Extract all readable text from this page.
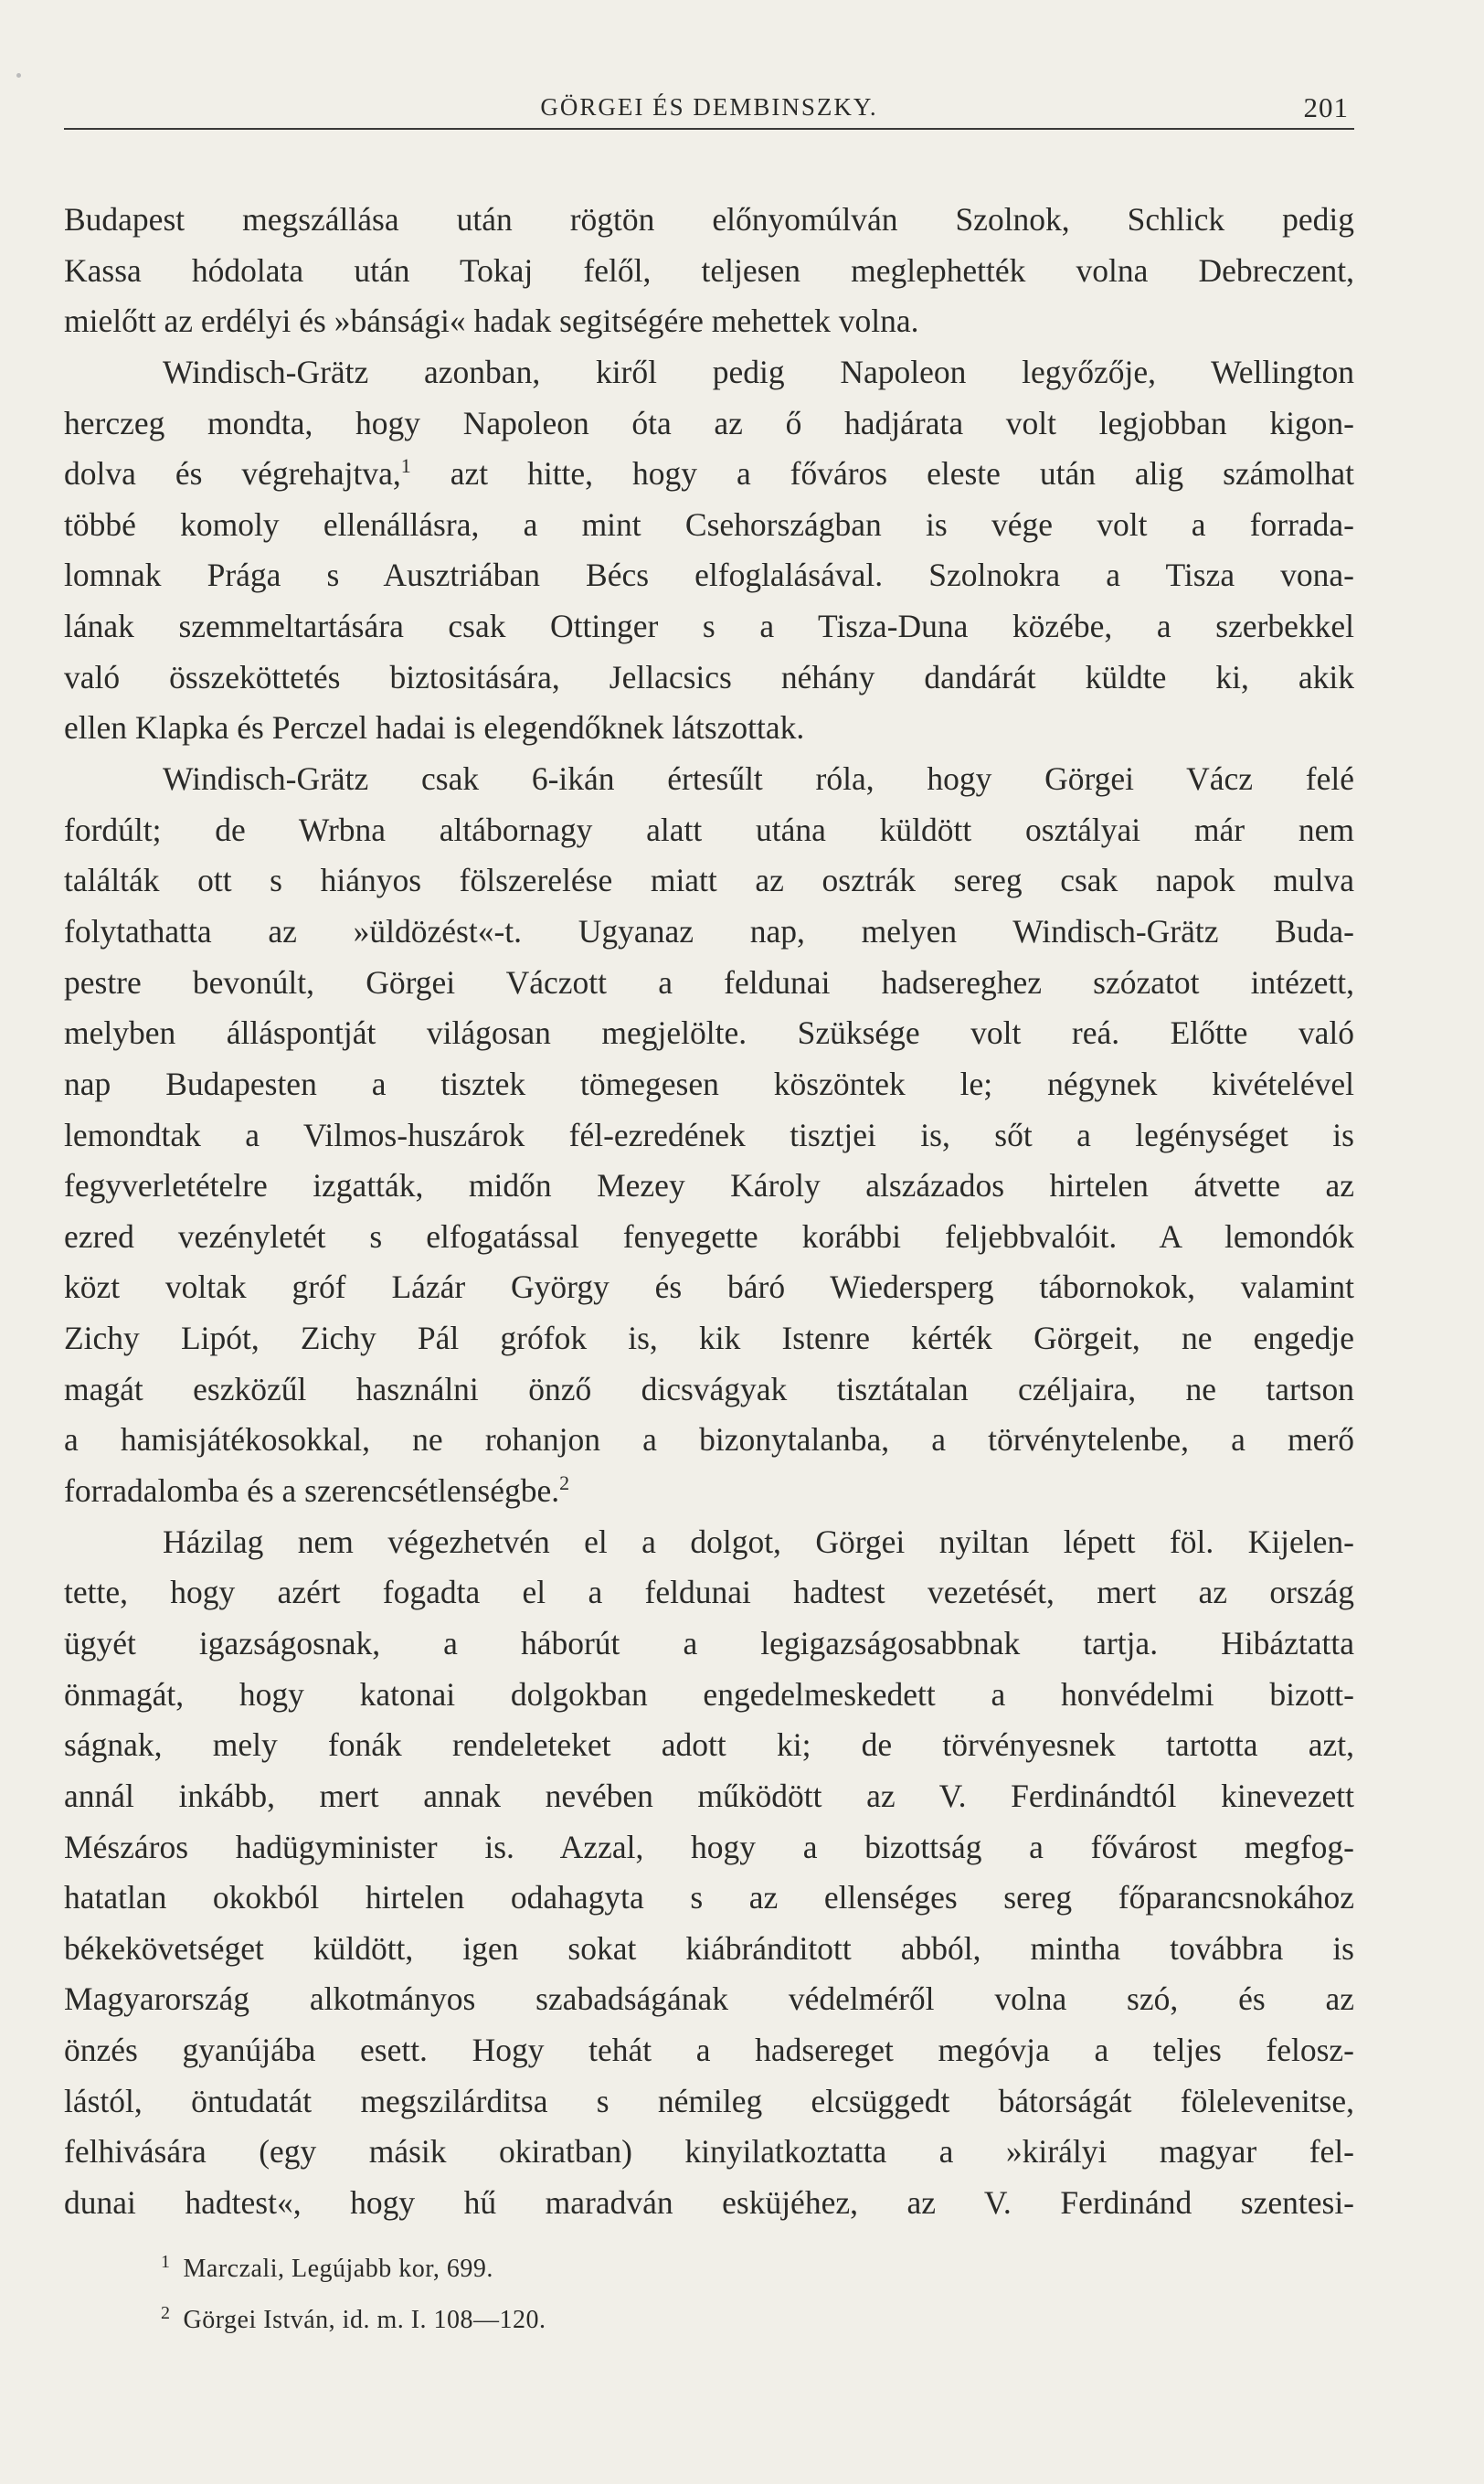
GÖRGEI ÉS DEMBINSZKY.	201
Budapest megszállása után rögtön előnyomúlván Szolnok, Schlick pedig
Kassa hódolata után Tokaj felől, teljesen meglephették volna Debreczent,
mielőtt az erdélyi és »bánsági« hadak segitségére mehettek volna.
Windisch-Grätz azonban, kiről pedig Napoleon legyőzője, Wellington
herczeg mondta, hogy Napoleon óta az ő hadjárata volt legjobban kigon-
dolva és végrehajtva,$^1$ azt hitte, hogy a főváros eleste után alig számolhat
többé komoly ellenállásra, a mint Csehországban is vége volt a forrada-
lomnak Prága s Ausztriában Bécs elfoglalásával. Szolnokra a Tisza vona-
lának szemmeltartására csak Ottinger s a Tisza-Duna közébe, a szerbekkel
való összeköttetés biztositására, Jellacsics néhány dandárát küldte ki, akik
ellen Klapka és Perczel hadai is elegendőknek látszottak.
Windisch-Grätz csak 6-ikán értesűlt róla, hogy Görgei Vácz felé
fordúlt; de Wrbna altábornagy alatt utána küldött osztályai már nem
találták ott s hiányos fölszerelése miatt az osztrák sereg csak napok mulva
folytathatta az »üldözést«-t. Ugyanaz nap, melyen Windisch-Grätz Buda-
pestre bevonúlt, Görgei Váczott a feldunai hadsereghez szózatot intézett,
melyben álláspontját világosan megjelölte. Szüksége volt reá. Előtte való
nap Budapesten a tisztek tömegesen köszöntek le; négynek kivételével
lemondtak a Vilmos-huszárok fél-ezredének tisztjei is, sőt a legénységet is
fegyverletételre izgatták, midőn Mezey Károly alszázados hirtelen átvette az
ezred vezényletét s elfogatással fenyegette korábbi feljebbvalóit. A lemondók
közt voltak gróf Lázár György és báró Wiedersperg tábornokok, valamint
Zichy Lipót, Zichy Pál grófok is, kik Istenre kérték Görgeit, ne engedje
magát eszközűl használni önző dicsvágyak tisztátalan czéljaira, ne tartson
a hamisjátékosokkal, ne rohanjon a bizonytalanba, a törvénytelenbe, a merő
forradalomba és a szerencsétlenségbe.$^2$
Házilag nem végezhetvén el a dolgot, Görgei nyiltan lépett föl. Kijelen-
tette, hogy azért fogadta el a feldunai hadtest vezetését, mert az ország
ügyét igazságosnak, a háborút a legigazságosabbnak tartja. Hibáztatta
önmagát, hogy katonai dolgokban engedelmeskedett a honvédelmi bizott-
ságnak, mely fonák rendeleteket adott ki; de törvényesnek tartotta azt,
annál inkább, mert annak nevében működött az V. Ferdinándtól kinevezett
Mészáros hadügyminister is. Azzal, hogy a bizottság a fővárost megfog-
hatatlan okokból hirtelen odahagyta s az ellenséges sereg főparancsnokához
békekövetséget küldött, igen sokat kiábránditott abból, mintha továbbra is
Magyarország alkotmányos szabadságának védelméről volna szó, és az
önzés gyanújába esett. Hogy tehát a hadsereget megóvja a teljes felosz-
lástól, öntudatát megszilárditsa s némileg elcsüggedt bátorságát fölelevenitse,
felhivására (egy másik okiratban) kinyilatkoztatta a »királyi magyar fel-
dunai hadtest«, hogy hű maradván esküjéhez, az V. Ferdinánd szentesi-
$^1$ Marczali, Legújabb kor, 699.
$^2$ Görgei István, id. m. I. 108—120.
